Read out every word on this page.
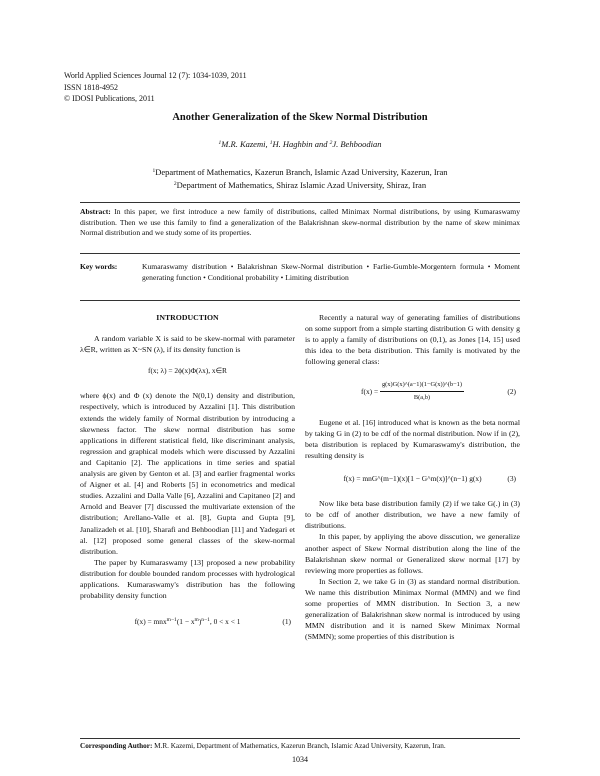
World Applied Sciences Journal 12 (7): 1034-1039, 2011
ISSN 1818-4952
© IDOSI Publications, 2011
Another Generalization of the Skew Normal Distribution
$^1$M.R. Kazemi, $^1$H. Haghbin and $^2$J. Behboodian
$^1$Department of Mathematics, Kazerun Branch, Islamic Azad University, Kazerun, Iran
$^2$Department of Mathematics, Shiraz Islamic Azad University, Shiraz, Iran
Abstract: In this paper, we first introduce a new family of distributions, called Minimax Normal distributions, by using Kumaraswamy distribution. Then we use this family to find a generalization of the Balakrishnan skew-normal distribution by the name of skew minimax Normal distribution and we study some of its properties.
Key words:	Kumaraswamy distribution • Balakrishnan Skew-Normal distribution • Farlie-Gumble-Morgentern formula • Moment generating function • Conditional probability • Limiting distribution
INTRODUCTION

A random variable X is said to be skew-normal with parameter λ∈R, written as X~SN (λ), if its density function is

f(x; λ) = 2ϕ(x)Φ(λx), x∈R

where ϕ(x) and Φ (x) denote the N(0,1) density and distribution, respectively, which is introduced by Azzalini [1]. This distribution extends the widely family of Normal distribution by introducing a skewness factor. The skew normal distribution has some applications in different statistical field, like discriminant analysis, regression and graphical models which were discussed by Azzalini and Capitanio [2]. The applications in time series and spatial analysis are given by Genton et al. [3] and earlier fragmental works of Aigner et al. [4] and Roberts [5] in econometrics and medical studies. Azzalini and Dalla Valle [6], Azzalini and Capitaneo [2] and Arnold and Beaver [7] discussed the multivariate extension of the distribution; Arellano-Valle et al. [8], Gupta and Gupta [9], Janalizadeh et al. [10], Sharafi and Behboodian [11] and Yadegari et al. [12] proposed some general classes of the skew-normal distribution.

The paper by Kumaraswamy [13] proposed a new probability distribution for double bounded random processes with hydrological applications. Kumaraswamy's distribution has the following probability density function

$f(x) = mnx^{m-1}(1 - x^m)^{n-1}$, 0 < x < 1	(1)

Recently a natural way of generating families of distributions on some support from a simple starting distribution G with density g is to apply a family of distributions on (0,1), as Jones [14, 15] used this idea to the beta distribution. This family is motivated by the following general class:

f(x) =
$\frac{g(x)G(x)\^{}(a-1)(1-G(x))\^{}(b-1)}{B(a,b)}$	(2)

Eugene et al. [16] introduced what is known as the beta normal by taking G in (2) to be cdf of the normal distribution. Now if in (2), beta distribution is replaced by Kumaraswamy's distribution, the resulting density is

f(x) = mnG^(m−1)(x)[1 − G^m(x)]^(n−1) g(x)	(3)

Now like beta base distribution family (2) if we take G(.) in (3) to be cdf of another distribution, we have a new family of distributions.

In this paper, by appliying the above disscution, we generalize another aspect of Skew Normal distribution along the line of the Balakrishnan skew normal or Generalized skew normal [17] by reviewing more properties as follows.

In Section 2, we take G in (3) as standard normal distribution. We name this distribution Minimax Normal (MMN) and we find some properties of MMN distribution. In Section 3, a new generalization of Balakrishnan skew normal is introduced by using MMN distribution and it is named Skew Minimax Normal (SMMN); some properties of this distribution is

Corresponding Author: M.R. Kazemi, Department of Mathematics, Kazerun Branch, Islamic Azad University, Kazerun, Iran.
1034
